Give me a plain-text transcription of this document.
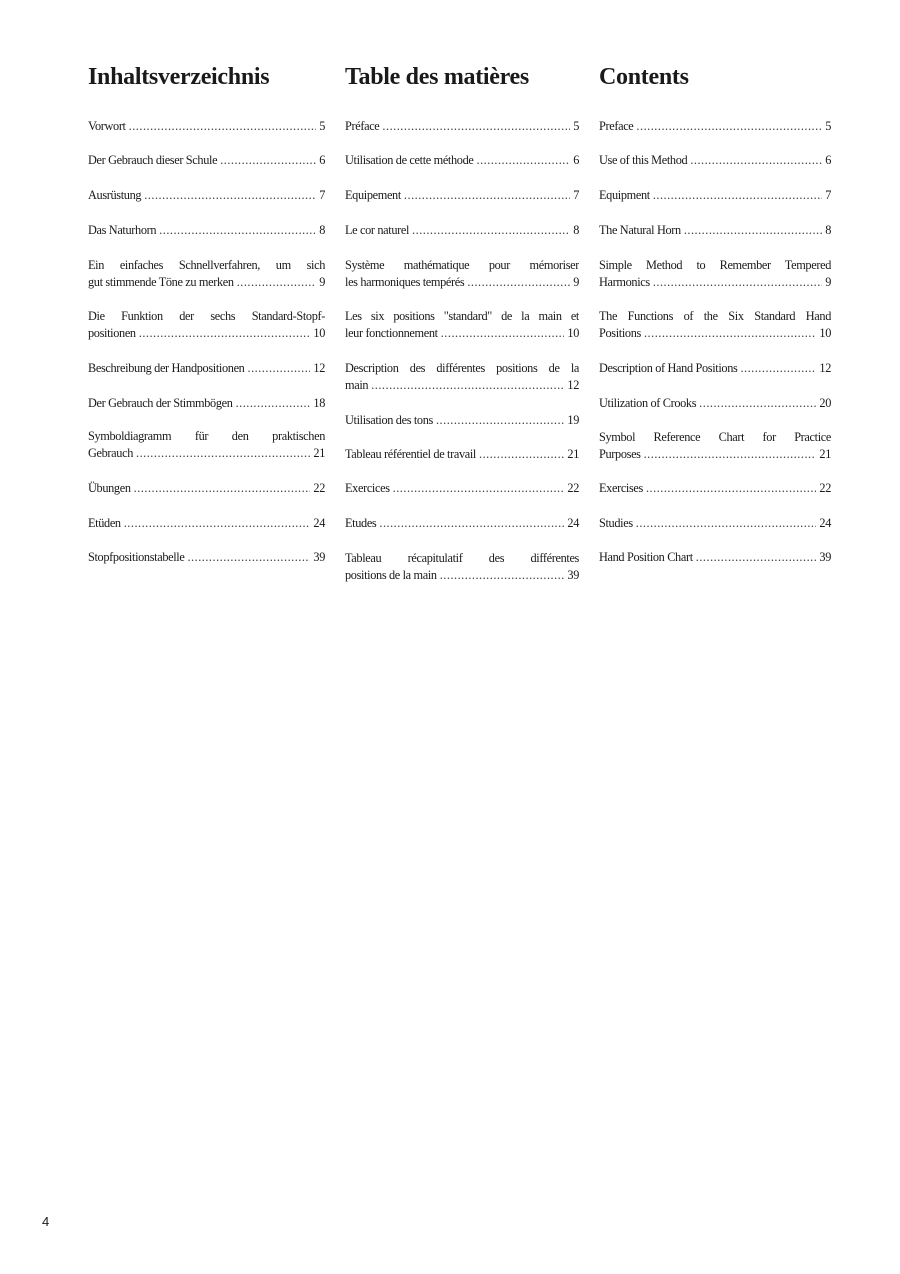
Inhaltsverzeichnis
Vorwort .....	5
Der Gebrauch dieser Schule .....	6
Ausrüstung .....	7
Das Naturhorn .....	8
Ein einfaches Schnellverfahren, um sich
gut stimmende Töne zu merken .....	9
Die Funktion der sechs Standard-Stopf-
positionen .....	10
Beschreibung der Handpositionen .....	12
Der Gebrauch der Stimmbögen .....	18
Symboldiagramm für den praktischen
Gebrauch .....	21
Übungen .....	22
Etüden .....	24
Stopfpositionstabelle .....	39
Table des matières
Préface .....	5
Utilisation de cette méthode .....	6
Equipement .....	7
Le cor naturel .....	8
Système mathématique pour mémoriser
les harmoniques tempérés .....	9
Les six positions "standard" de la main et
leur fonctionnement .....	10
Description des différentes positions de la
main .....	12
Utilisation des tons .....	19
Tableau référentiel de travail .....	21
Exercices .....	22
Etudes .....	24
Tableau récapitulatif des différentes
positions de la main .....	39
Contents
Preface .....	5
Use of this Method .....	6
Equipment .....	7
The Natural Horn .....	8
Simple Method to Remember Tempered
Harmonics .....	9
The Functions of the Six Standard Hand
Positions .....	10
Description of Hand Positions .....	12
Utilization of Crooks .....	20
Symbol Reference Chart for Practice
Purposes .....	21
Exercises .....	22
Studies .....	24
Hand Position Chart .....	39
4
